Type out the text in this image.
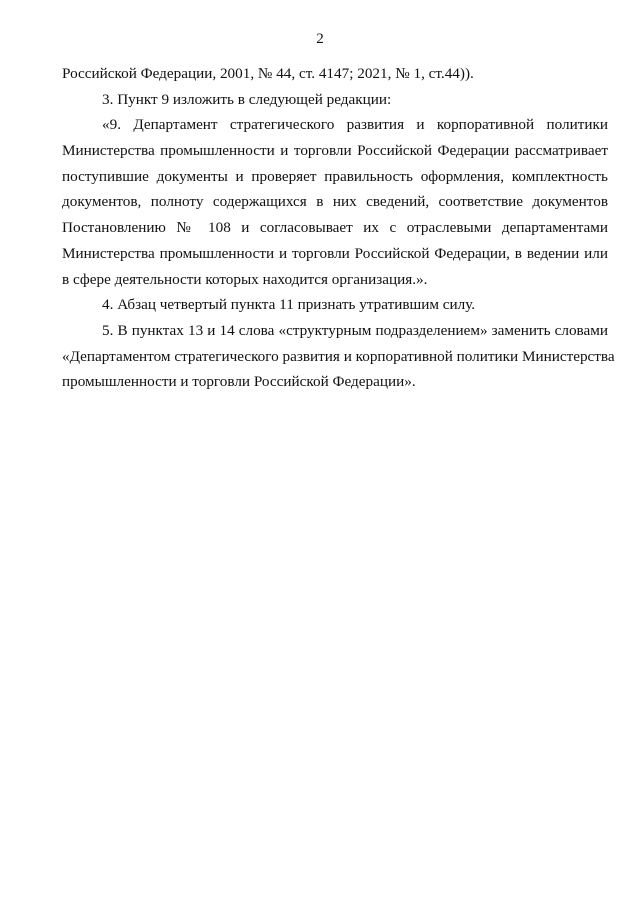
2
Российской Федерации, 2001, № 44, ст. 4147; 2021, № 1, ст.44)).
3. Пункт 9 изложить в следующей редакции:
«9. Департамент стратегического развития и корпоративной политики
Министерства промышленности и торговли Российской Федерации рассматривает
поступившие документы и проверяет правильность оформления, комплектность
документов, полноту содержащихся в них сведений, соответствие документов
Постановлению № 108 и согласовывает их с отраслевыми департаментами
Министерства промышленности и торговли Российской Федерации, в ведении или
в сфере деятельности которых находится организация.».
4. Абзац четвертый пункта 11 признать утратившим силу.
5. В пунктах 13 и 14 слова «структурным подразделением» заменить словами
«Департаментом стратегического развития и корпоративной политики Министерства
промышленности и торговли Российской Федерации».
